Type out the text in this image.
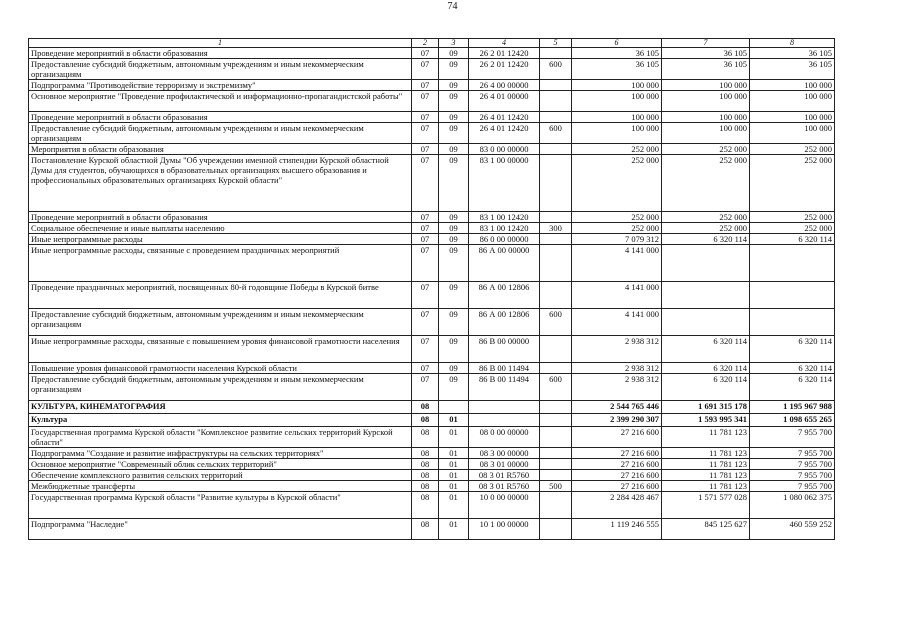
74
1	2	3	4	5	6	7	8
Проведение мероприятий в области образования	07	09	26 2 01 12420		36 105	36 105	36 105
Предоставление субсидий бюджетным, автономным учреждениям и иным некоммерческим организациям	07	09	26 2 01 12420	600	36 105	36 105	36 105
Подпрограмма "Противодействие терроризму и экстремизму"	07	09	26 4 00 00000		100 000	100 000	100 000
Основное мероприятие "Проведение профилактической и информационно-пропагандистской работы"	07	09	26 4 01 00000		100 000	100 000	100 000
Проведение мероприятий в области образования	07	09	26 4 01 12420		100 000	100 000	100 000
Предоставление субсидий бюджетным, автономным учреждениям и иным некоммерческим организациям	07	09	26 4 01 12420	600	100 000	100 000	100 000
Мероприятия в области образования	07	09	83 0 00 00000		252 000	252 000	252 000
Постановление Курской областной Думы "Об учреждении именной стипендии Курской областной Думы для студентов, обучающихся в образовательных организациях высшего образования и профессиональных образовательных организациях Курской области"	07	09	83 1 00 00000		252 000	252 000	252 000
Проведение мероприятий в области образования	07	09	83 1 00 12420		252 000	252 000	252 000
Социальное обеспечение и иные выплаты населению	07	09	83 1 00 12420	300	252 000	252 000	252 000
Иные непрограммные расходы	07	09	86 0 00 00000		7 079 312	6 320 114	6 320 114
Иные непрограммные расходы, связанные с проведением праздничных мероприятий	07	09	86 А 00 00000		4 141 000		
Проведение праздничных мероприятий, посвященных 80-й годовщине Победы в Курской битве	07	09	86 А 00 12806		4 141 000		
Предоставление субсидий бюджетным, автономным учреждениям и иным некоммерческим организациям	07	09	86 А 00 12806	600	4 141 000		
Иные непрограммные расходы, связанные с повышением уровня финансовой грамотности населения	07	09	86 В 00 00000		2 938 312	6 320 114	6 320 114
Повышение уровня финансовой грамотности населения Курской области	07	09	86 В 00 11494		2 938 312	6 320 114	6 320 114
Предоставление субсидий бюджетным, автономным учреждениям и иным некоммерческим организациям	07	09	86 В 00 11494	600	2 938 312	6 320 114	6 320 114
КУЛЬТУРА, КИНЕМАТОГРАФИЯ	08				2 544 765 446	1 691 315 178	1 195 967 988
Культура	08	01			2 399 290 307	1 593 995 341	1 098 655 265
Государственная программа Курской области "Комплексное развитие сельских территорий Курской области"	08	01	08 0 00 00000		27 216 600	11 781 123	7 955 700
Подпрограмма "Создание и развитие инфраструктуры на сельских территориях"	08	01	08 3 00 00000		27 216 600	11 781 123	7 955 700
Основное мероприятие "Современный облик сельских территорий"	08	01	08 3 01 00000		27 216 600	11 781 123	7 955 700
Обеспечение комплексного развития сельских территорий	08	01	08 3 01 R5760		27 216 600	11 781 123	7 955 700
Межбюджетные трансферты	08	01	08 3 01 R5760	500	27 216 600	11 781 123	7 955 700
Государственная программа Курской области "Развитие культуры в Курской области"	08	01	10 0 00 00000		2 284 428 467	1 571 577 028	1 080 062 375
Подпрограмма "Наследие"	08	01	10 1 00 00000		1 119 246 555	845 125 627	460 559 252
